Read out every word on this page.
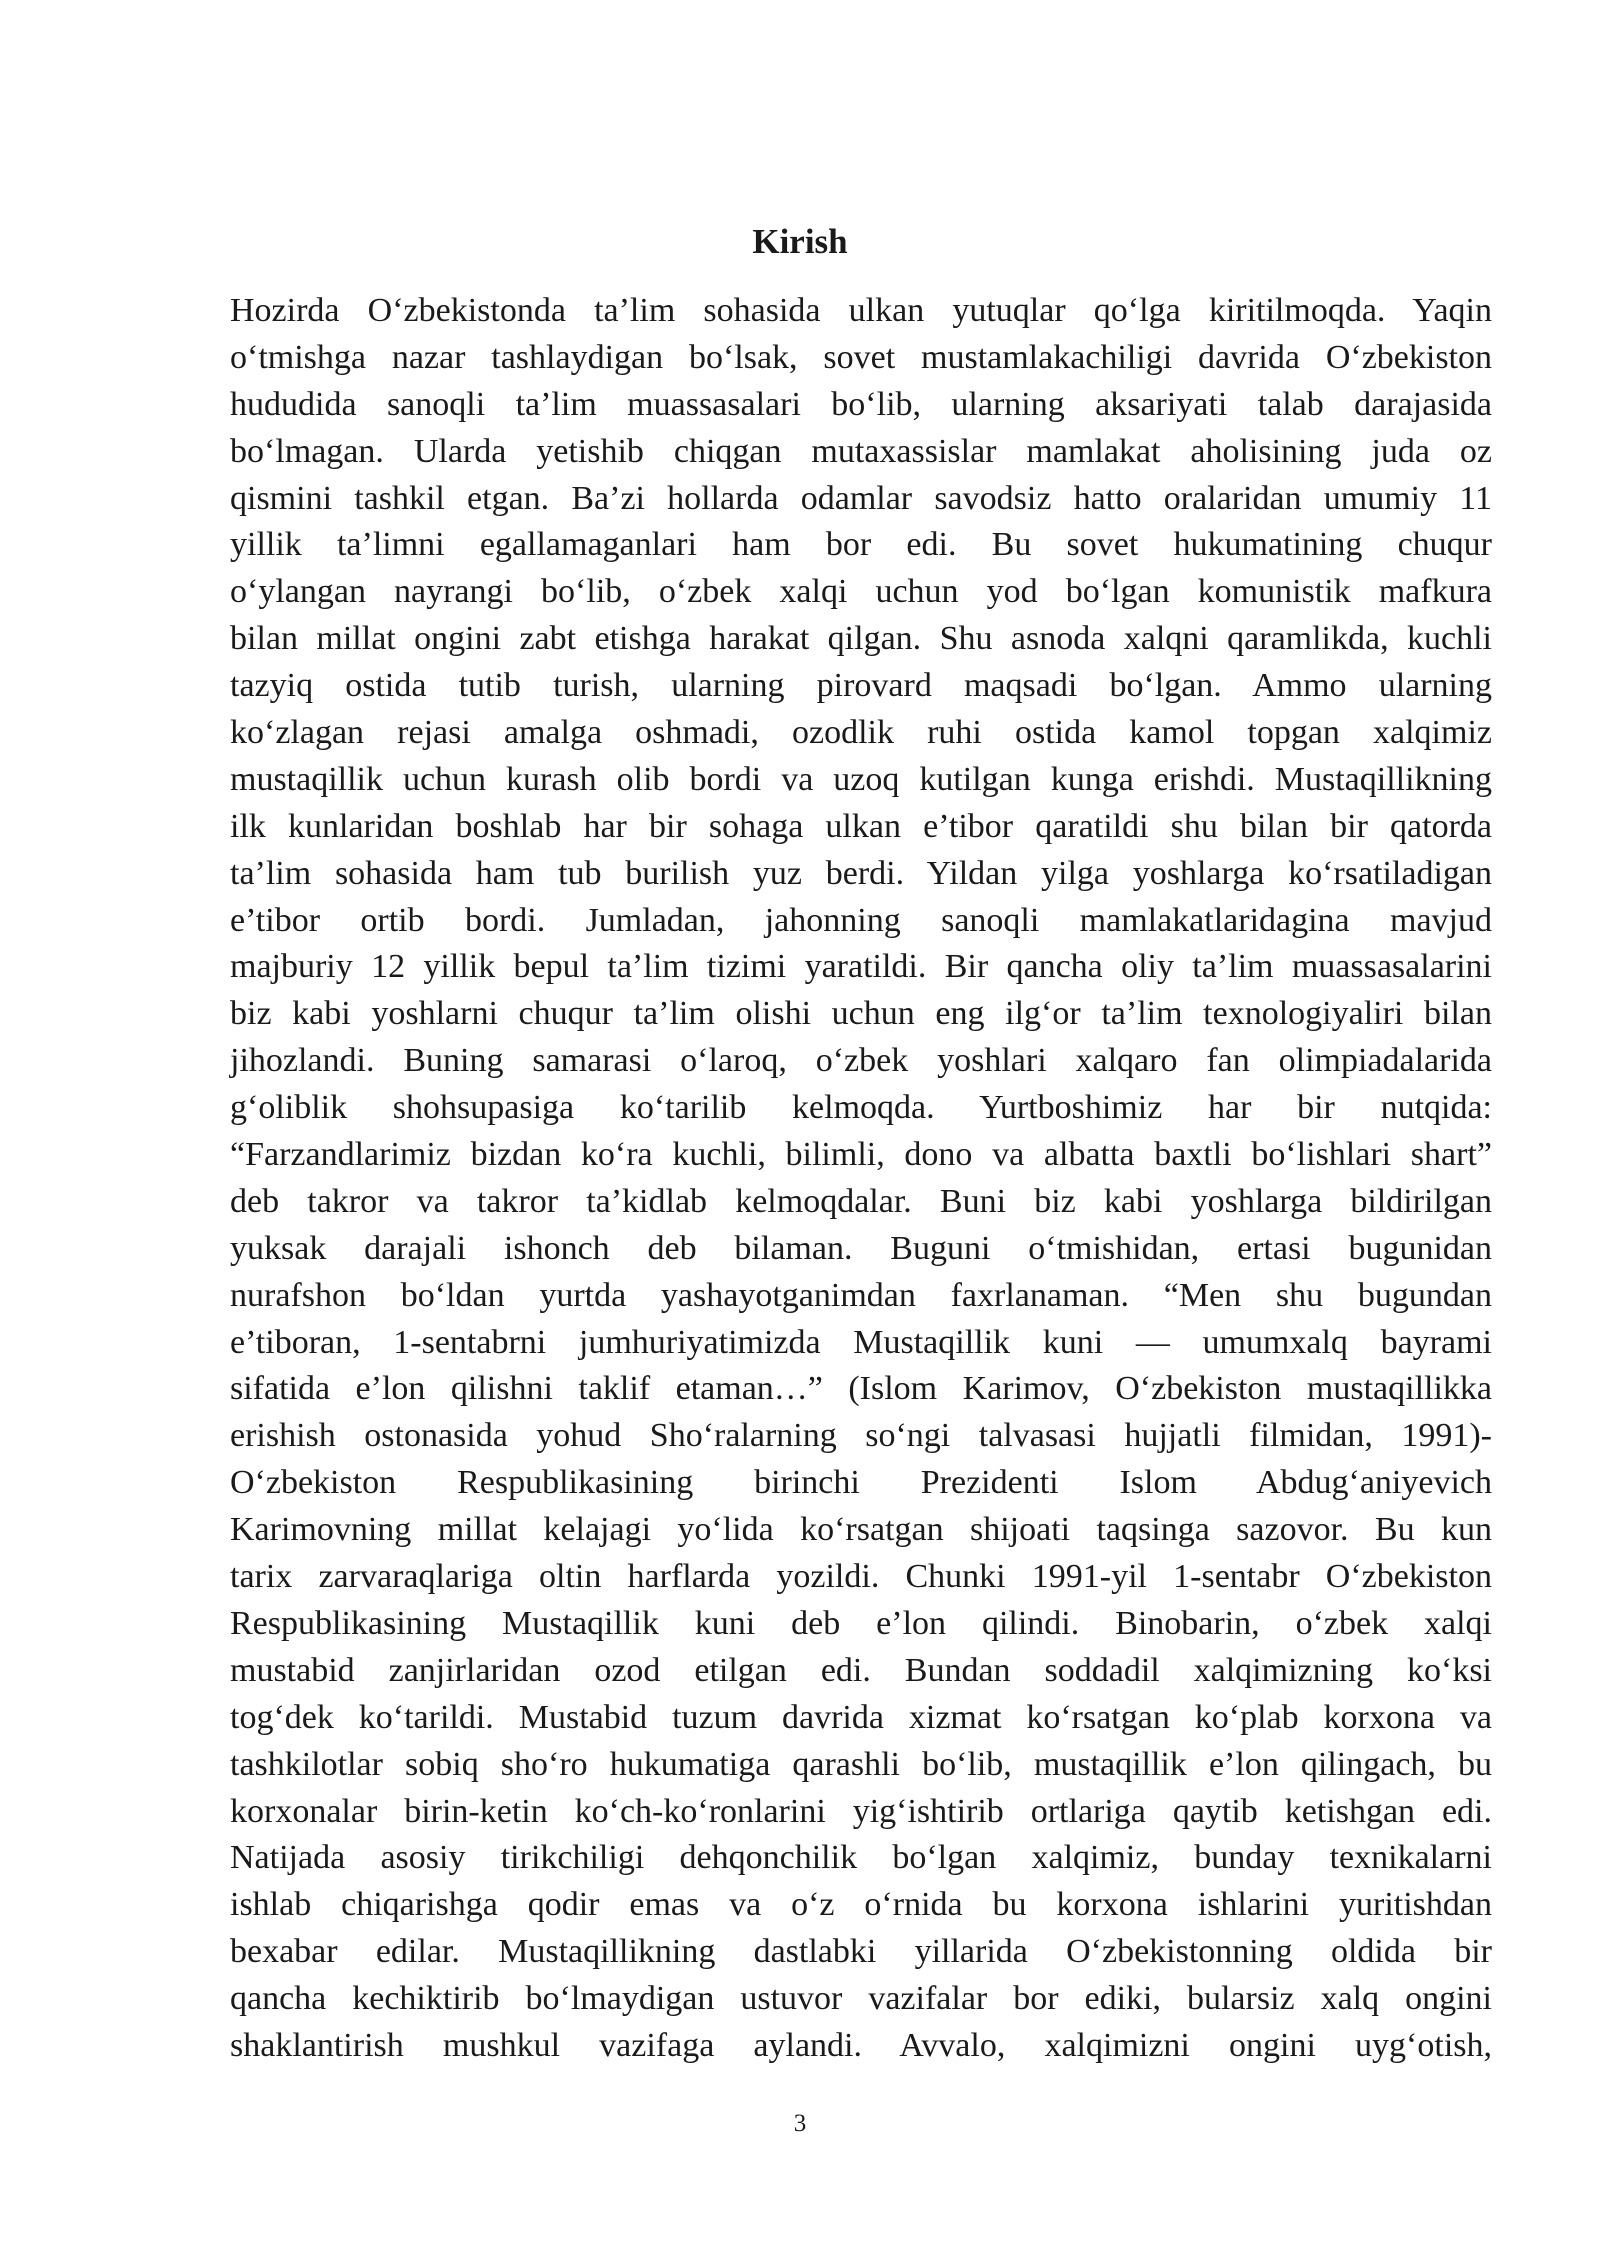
Kirish

Hozirda O‘zbekistonda ta’lim sohasida ulkan yutuqlar qo‘lga kiritilmoqda. Yaqin
o‘tmishga nazar tashlaydigan bo‘lsak, sovet mustamlakachiligi davrida O‘zbekiston
hududida sanoqli ta’lim muassasalari bo‘lib, ularning aksariyati talab darajasida
bo‘lmagan. Ularda yetishib chiqgan mutaxassislar mamlakat aholisining juda oz
qismini tashkil etgan. Ba’zi hollarda odamlar savodsiz hatto oralaridan umumiy 11
yillik ta’limni egallamaganlari ham bor edi. Bu sovet hukumatining chuqur
o‘ylangan nayrangi bo‘lib, o‘zbek xalqi uchun yod bo‘lgan komunistik mafkura
bilan millat ongini zabt etishga harakat qilgan. Shu asnoda xalqni qaramlikda, kuchli
tazyiq ostida tutib turish, ularning pirovard maqsadi bo‘lgan. Ammo ularning
ko‘zlagan rejasi amalga oshmadi, ozodlik ruhi ostida kamol topgan xalqimiz
mustaqillik uchun kurash olib bordi va uzoq kutilgan kunga erishdi. Mustaqillikning
ilk kunlaridan boshlab har bir sohaga ulkan e’tibor qaratildi shu bilan bir qatorda
ta’lim sohasida ham tub burilish yuz berdi. Yildan yilga yoshlarga ko‘rsatiladigan
e’tibor ortib bordi. Jumladan, jahonning sanoqli mamlakatlaridagina mavjud
majburiy 12 yillik bepul ta’lim tizimi yaratildi. Bir qancha oliy ta’lim muassasalarini
biz kabi yoshlarni chuqur ta’lim olishi uchun eng ilg‘or ta’lim texnologiyaliri bilan
jihozlandi. Buning samarasi o‘laroq, o‘zbek yoshlari xalqaro fan olimpiadalarida
g‘oliblik shohsupasiga ko‘tarilib kelmoqda. Yurtboshimiz har bir nutqida:
“Farzandlarimiz bizdan ko‘ra kuchli, bilimli, dono va albatta baxtli bo‘lishlari shart”
deb takror va takror ta’kidlab kelmoqdalar. Buni biz kabi yoshlarga bildirilgan
yuksak darajali ishonch deb bilaman. Buguni o‘tmishidan, ertasi bugunidan
nurafshon bo‘ldan yurtda yashayotganimdan faxrlanaman. “Men shu bugundan
e’tiboran, 1-sentabrni jumhuriyatimizda Mustaqillik kuni — umumxalq bayrami
sifatida e’lon qilishni taklif etaman…” (Islom Karimov, O‘zbekiston mustaqillikka
erishish ostonasida yohud Sho‘ralarning so‘ngi talvasasi hujjatli filmidan, 1991)-
O‘zbekiston Respublikasining birinchi Prezidenti Islom Abdug‘aniyevich
Karimovning millat kelajagi yo‘lida ko‘rsatgan shijoati taqsinga sazovor. Bu kun
tarix zarvaraqlariga oltin harflarda yozildi. Chunki 1991-yil 1-sentabr O‘zbekiston
Respublikasining Mustaqillik kuni deb e’lon qilindi. Binobarin, o‘zbek xalqi
mustabid zanjirlaridan ozod etilgan edi. Bundan soddadil xalqimizning ko‘ksi
tog‘dek ko‘tarildi. Mustabid tuzum davrida xizmat ko‘rsatgan ko‘plab korxona va
tashkilotlar sobiq sho‘ro hukumatiga qarashli bo‘lib, mustaqillik e’lon qilingach, bu
korxonalar birin-ketin ko‘ch-ko‘ronlarini yig‘ishtirib ortlariga qaytib ketishgan edi.
Natijada asosiy tirikchiligi dehqonchilik bo‘lgan xalqimiz, bunday texnikalarni
ishlab chiqarishga qodir emas va o‘z o‘rnida bu korxona ishlarini yuritishdan
bexabar edilar. Mustaqillikning dastlabki yillarida O‘zbekistonning oldida bir
qancha kechiktirib bo‘lmaydigan ustuvor vazifalar bor ediki, bularsiz xalq ongini
shaklantirish mushkul vazifaga aylandi. Avvalo, xalqimizni ongini uyg‘otish,

3
